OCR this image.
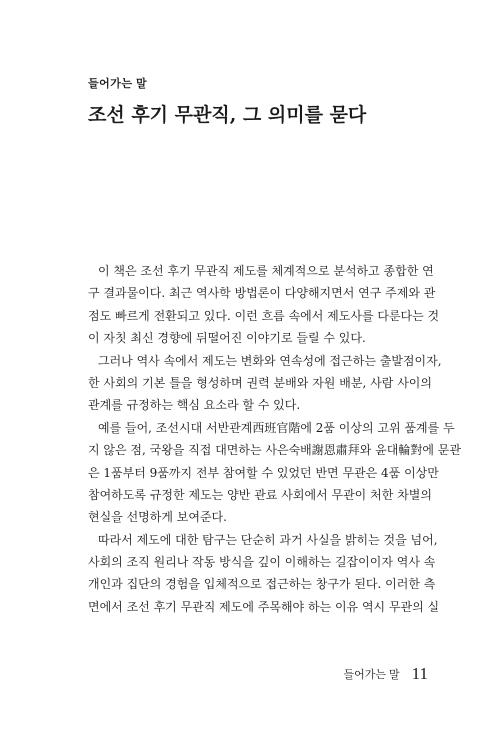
들어가는 말
조선 후기 무관직, 그 의미를 묻다

이 책은 조선 후기 무관직 제도를 체계적으로 분석하고 종합한 연
구 결과물이다. 최근 역사학 방법론이 다양해지면서 연구 주제와 관
점도 빠르게 전환되고 있다. 이런 흐름 속에서 제도사를 다룬다는 것
이 자칫 최신 경향에 뒤떨어진 이야기로 들릴 수 있다.

그러나 역사 속에서 제도는 변화와 연속성에 접근하는 출발점이자,
한 사회의 기본 틀을 형성하며 권력 분배와 자원 배분, 사람 사이의
관계를 규정하는 핵심 요소라 할 수 있다.

예를 들어, 조선시대 서반관계西班官階에 2품 이상의 고위 품계를 두
지 않은 점, 국왕을 직접 대면하는 사은숙배謝恩肅拜와 윤대輪對에 문관
은 1품부터 9품까지 전부 참여할 수 있었던 반면 무관은 4품 이상만
참여하도록 규정한 제도는 양반 관료 사회에서 무관이 처한 차별의
현실을 선명하게 보여준다.

따라서 제도에 대한 탐구는 단순히 과거 사실을 밝히는 것을 넘어,
사회의 조직 원리나 작동 방식을 깊이 이해하는 길잡이이자 역사 속
개인과 집단의 경험을 입체적으로 접근하는 창구가 된다. 이러한 측
면에서 조선 후기 무관직 제도에 주목해야 하는 이유 역시 무관의 실

들어가는 말 11
